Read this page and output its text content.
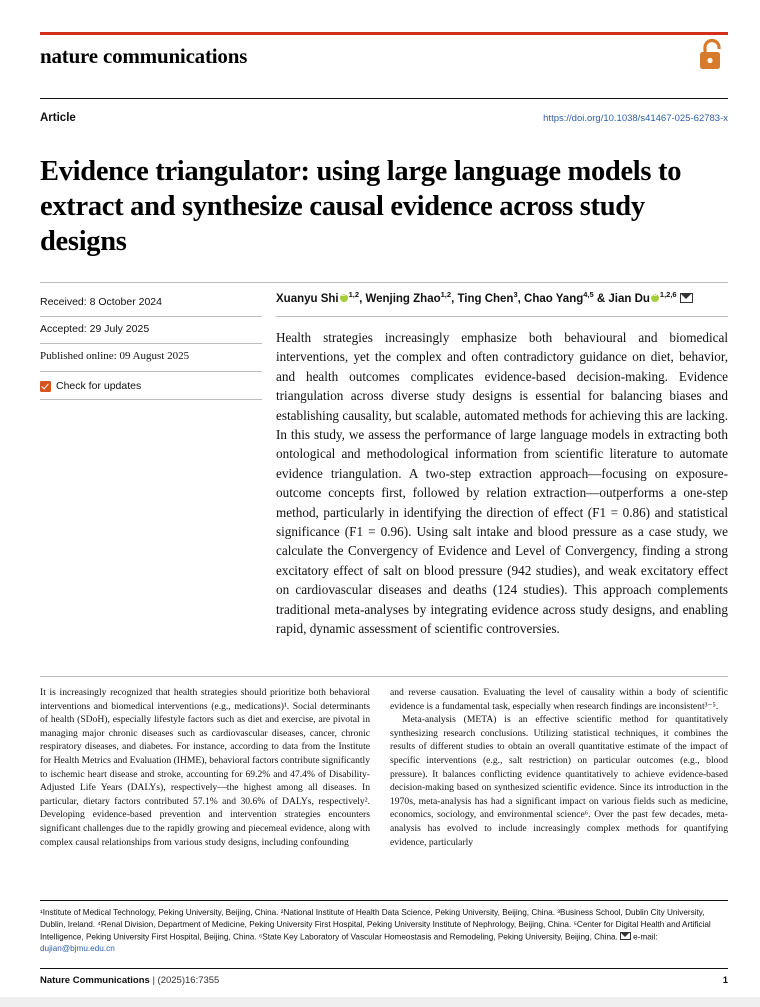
nature communications
Article	https://doi.org/10.1038/s41467-025-62783-x
Evidence triangulator: using large language models to extract and synthesize causal evidence across study designs
Received: 8 October 2024
Accepted: 29 July 2025
Published online: 09 August 2025
Check for updates
Xuanyu Shi iD $^{1,2}$, Wenjing Zhao$^{1,2}$, Ting Chen$^3$, Chao Yang$^{4,5}$ & Jian DuiD $^{1,2,6}$
Health strategies increasingly emphasize both behavioural and biomedical interventions, yet the complex and often contradictory guidance on diet, behavior, and health outcomes complicates evidence-based decision-making. Evidence triangulation across diverse study designs is essential for balancing biases and establishing causality, but scalable, automated methods for achieving this are lacking. In this study, we assess the performance of large language models in extracting both ontological and methodological information from scientific literature to automate evidence triangulation. A two-step extraction approach—focusing on exposure-outcome concepts first, followed by relation extraction—outperforms a one-step method, particularly in identifying the direction of effect (F1 = 0.86) and statistical significance (F1 = 0.96). Using salt intake and blood pressure as a case study, we calculate the Convergency of Evidence and Level of Convergency, finding a strong excitatory effect of salt on blood pressure (942 studies), and weak excitatory effect on cardiovascular diseases and deaths (124 studies). This approach complements traditional meta-analyses by integrating evidence across study designs, and enabling rapid, dynamic assessment of scientific controversies.
It is increasingly recognized that health strategies should prioritize both behavioral interventions and biomedical interventions (e.g., medications)¹. Social determinants of health (SDoH), especially lifestyle factors such as diet and exercise, are pivotal in managing major chronic diseases such as cardiovascular diseases, cancer, chronic respiratory diseases, and diabetes. For instance, according to data from the Institute for Health Metrics and Evaluation (IHME), behavioral factors contribute significantly to ischemic heart disease and stroke, accounting for 69.2% and 47.4% of Disability-Adjusted Life Years (DALYs), respectively—the highest among all diseases. In particular, dietary factors contributed 57.1% and 30.6% of DALYs, respectively². Developing evidence-based prevention and intervention strategies encounters significant challenges due to the rapidly growing and piecemeal evidence, along with complex causal relationships from various study designs, including confounding
and reverse causation. Evaluating the level of causality within a body of scientific evidence is a fundamental task, especially when research findings are inconsistent³⁻⁵.
Meta-analysis (META) is an effective scientific method for quantitatively synthesizing research conclusions. Utilizing statistical techniques, it combines the results of different studies to obtain an overall quantitative estimate of the impact of specific interventions (e.g., salt restriction) on particular outcomes (e.g., blood pressure). It balances conflicting evidence quantitatively to achieve evidence-based decision-making based on synthesized scientific evidence. Since its introduction in the 1970s, meta-analysis has had a significant impact on various fields such as medicine, economics, sociology, and environmental science⁶. Over the past few decades, meta-analysis has evolved to include increasingly complex methods for quantifying evidence, particularly
¹Institute of Medical Technology, Peking University, Beijing, China. ²National Institute of Health Data Science, Peking University, Beijing, China. ³Business School, Dublin City University, Dublin, Ireland. ⁴Renal Division, Department of Medicine, Peking University First Hospital, Peking University Institute of Nephrology, Beijing, China. ⁵Center for Digital Health and Artificial Intelligence, Peking University First Hospital, Beijing, China. ⁶State Key Laboratory of Vascular Homeostasis and Remodeling, Peking University, Beijing, China. e-mail: dujian@bjmu.edu.cn
Nature Communications | (2025)16:7355	1
